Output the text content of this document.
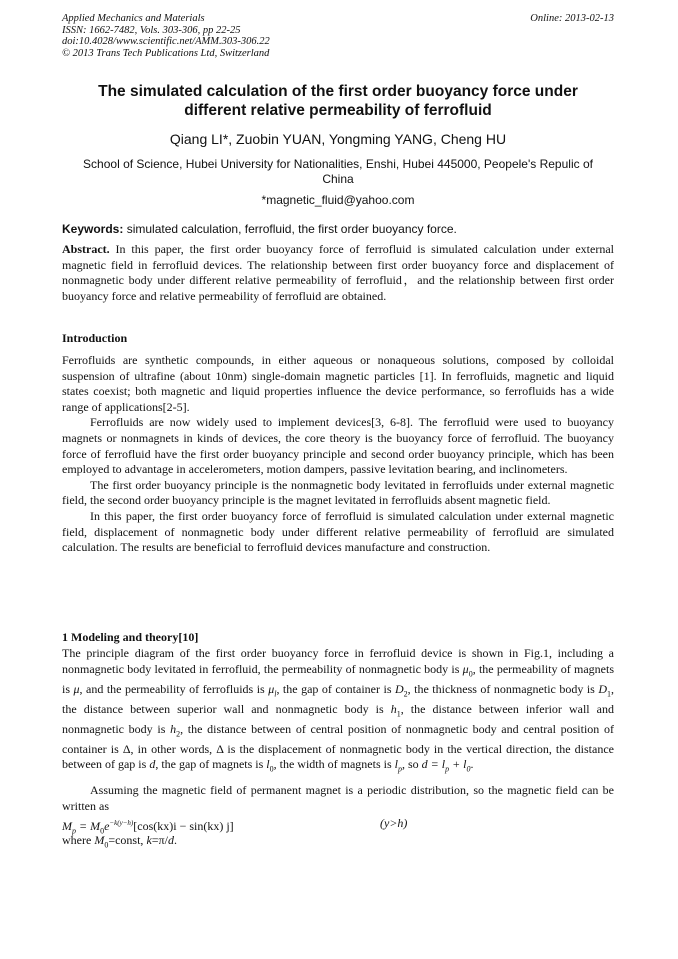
Applied Mechanics and Materials
ISSN: 1662-7482, Vols. 303-306, pp 22-25
doi:10.4028/www.scientific.net/AMM.303-306.22
© 2013 Trans Tech Publications Ltd, Switzerland
Online: 2013-02-13
The simulated calculation of the first order buoyancy force under
different relative permeability of ferrofluid
Qiang LI*, Zuobin YUAN, Yongming YANG, Cheng HU
School of Science, Hubei University for Nationalities, Enshi, Hubei 445000, Peopele's Repulic of
China
*magnetic_fluid@yahoo.com
Keywords: simulated calculation, ferrofluid, the first order buoyancy force.

Abstract. In this paper, the first order buoyancy force of ferrofluid is simulated calculation under external magnetic field in ferrofluid devices. The relationship between first order buoyancy force and displacement of nonmagnetic body under different relative permeability of ferrofluid，and the relationship between first order buoyancy force and relative permeability of ferrofluid are obtained.

Introduction

Ferrofluids are synthetic compounds, in either aqueous or nonaqueous solutions, composed by colloidal suspension of ultrafine (about 10nm) single-domain magnetic particles [1]. In ferrofluids, magnetic and liquid states coexist; both magnetic and liquid properties influence the device performance, so ferrofluids has a wide range of applications[2-5].

Ferrofluids are now widely used to implement devices[3, 6-8]. The ferrofluid were used to buoyancy magnets or nonmagnets in kinds of devices, the core theory is the buoyancy force of ferrofluid. The buoyancy force of ferrofluid have the first order buoyancy principle and second order buoyancy principle, which has been employed to advantage in accelerometers, motion dampers, passive levitation bearing, and inclinometers.

The first order buoyancy principle is the nonmagnetic body levitated in ferrofluids under external magnetic field, the second order buoyancy principle is the magnet levitated in ferrofluids absent magnetic field.

In this paper, the first order buoyancy force of ferrofluid is simulated calculation under external magnetic field, displacement of nonmagnetic body under different relative permeability of ferrofluid are simulated calculation. The results are beneficial to ferrofluid devices manufacture and construction.

1 Modeling and theory[10]

The principle diagram of the first order buoyancy force in ferrofluid device is shown in Fig.1, including a nonmagnetic body levitated in ferrofluid, the permeability of nonmagnetic body is $\mu_0$, the permeability of magnets is μ, and the permeability of ferrofluids is $\mu_l$, the gap of container is $D_2$, the thickness of nonmagnetic body is $D_1$, the distance between superior wall and nonmagnetic body is $h_1$, the distance between inferior wall and nonmagnetic body is $h_2$, the distance between of central position of nonmagnetic body and central position of container is Δ, in other words, Δ is the displacement of nonmagnetic body in the vertical direction, the distance between of gap is d, the gap of magnets is $l_0$, the width of magnets is $l_p$, so $d = l_p + l_0$.

Assuming the magnetic field of permanent magnet is a periodic distribution, so the magnetic field can be written as

$M_p = M_0e^{-k(y-h)}[\cos(kx)i - \sin(kx)$ j]	(y>h)
where $M_0=const$, k=π/d.
